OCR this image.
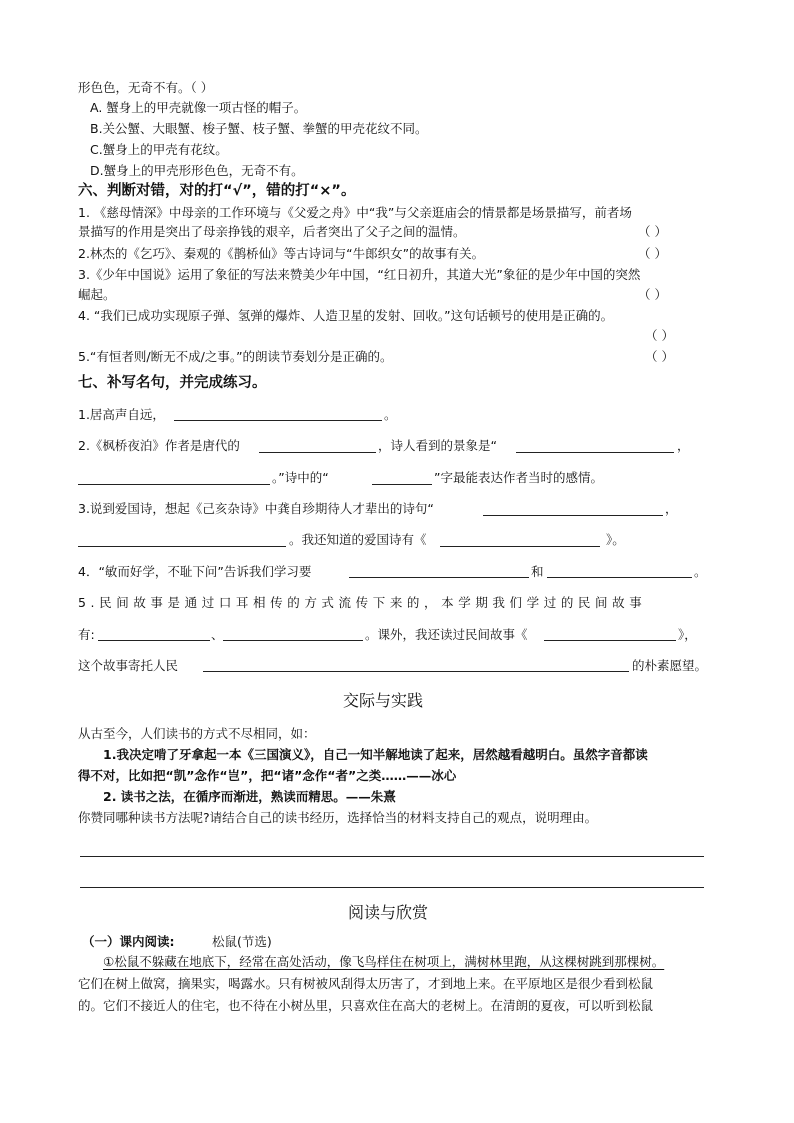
形色色，无奇不有。（ ）
A. 蟹身上的甲壳就像一项古怪的帽子。
B.关公蟹、大眼蟹、梭子蟹、枝子蟹、拳蟹的甲壳花纹不同。
C.蟹身上的甲壳有花纹。
D.蟹身上的甲壳形形色色，无奇不有。
六、判断对错，对的打“√”，错的打“×”。
1. 《慈母情深》中母亲的工作环境与《父爱之舟》中“我”与父亲逛庙会的情景都是场景描写，前者场
景描写的作用是突出了母亲挣钱的艰辛，后者突出了父子之间的温情。	（ ）
2.林杰的《乞巧》、秦观的《鹊桥仙》等古诗词与“牛郎织女”的故事有关。	（ ）
3.《少年中国说》运用了象征的写法来赞美少年中国，“红日初升，其道大光”象征的是少年中国的突然
崛起。	（ ）
4. “我们已成功实现原子弹、氢弹的爆炸、人造卫星的发射、回收。”这句话顿号的使用是正确的。
（ ）
5.“有恒者则/断无不成/之事。”的朗读节奏划分是正确的。	（ ）
七、补写名句，并完成练习。
1.居高声自远，	。
2.《枫桥夜泊》作者是唐代的	，诗人看到的景象是“	，
。”诗中的“	”字最能表达作者当时的感情。
3.说到爱国诗，想起《己亥杂诗》中龚自珍期待人才辈出的诗句“	，
。我还知道的爱国诗有《	》。
4．“敏而好学，不耻下问”告诉我们学习要	和	。
5.民间故事是通过口耳相传的方式流传下来的，本学期我们学过的民间故事
有:	、	。课外，我还读过民间故事《	》，
这个故事寄托人民	的朴素愿望。
交际与实践
从古至今，人们读书的方式不尽相同，如：
1.我决定啃了牙拿起一本《三国演义》，自己一知半解地读了起来，居然越看越明白。虽然字音都读
得不对，比如把“凯”念作“岂”，把“诸”念作“者”之类……——冰心
2. 读书之法，在循序而渐进，熟读而精思。——朱熹
你赞同哪种读书方法呢?请结合自己的读书经历，选择恰当的材料支持自己的观点，说明理由。
阅读与欣赏
（一）课内阅读:	松鼠(节选)
①松鼠不躲藏在地底下，经常在高处活动，像飞鸟样住在树项上，满树林里跑，从这棵树跳到那棵树。
它们在树上做窝，摘果实，喝露水。只有树被风刮得太历害了，才到地上来。在平原地区是很少看到松鼠
的。它们不接近人的住宅，也不待在小树丛里，只喜欢住在高大的老树上。在清朗的夏夜，可以听到松鼠
